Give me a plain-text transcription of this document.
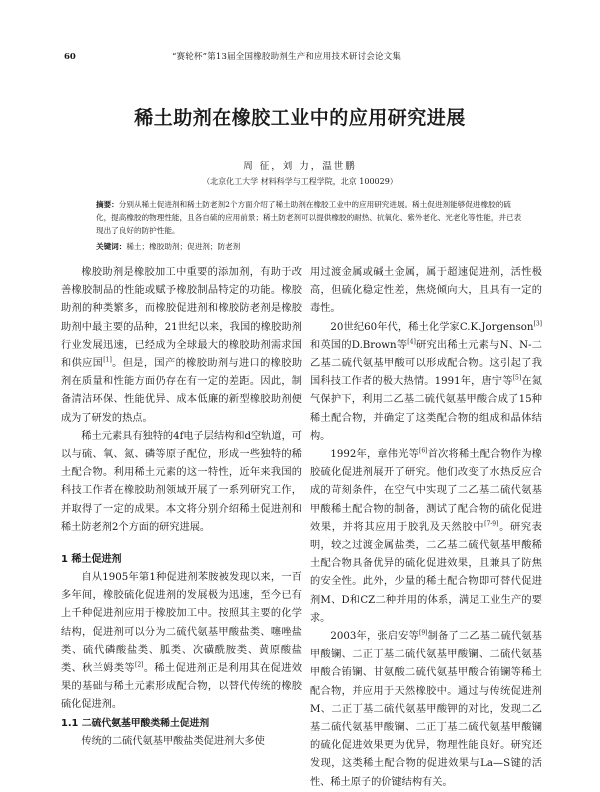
60	“赛轮杯”第13届全国橡胶助剂生产和应用技术研讨会论文集
稀土助剂在橡胶工业中的应用研究进展
周 征，刘 力，温世鹏
（北京化工大学 材料科学与工程学院，北京 100029）
摘要：分别从稀土促进剂和稀土防老剂2个方面介绍了稀土助剂在橡胶工业中的应用研究进展。稀土促进剂能够促进橡胶的硫化，提高橡胶的物理性能，且各自硫的应用前景；稀土防老剂可以提供橡胶的耐热、抗氧化、紫外老化、光老化等性能，并已表现出了良好的防护性能。
关键词：稀土；橡胶助剂；促进剂；防老剂

橡胶助剂是橡胶加工中重要的添加剂，有助于改善橡胶制品的性能或赋予橡胶制品特定的功能。橡胶助剂的种类繁多，而橡胶促进剂和橡胶防老剂是橡胶助剂中最主要的品种，21世纪以来，我国的橡胶助剂行业发展迅速，已经成为全球最大的橡胶助剂需求国和供应国[1]。但是，国产的橡胶助剂与进口的橡胶助剂在质量和性能方面仍存在有一定的差距。因此，制备清洁环保、性能优异、成本低廉的新型橡胶助剂便成为了研发的热点。

稀土元素具有独特的4f电子层结构和d空轨道，可以与硫、氧、氮、磷等原子配位，形成一些独特的稀土配合物。利用稀土元素的这一特性，近年来我国的科技工作者在橡胶助剂领域开展了一系列研究工作，并取得了一定的成果。本文将分别介绍稀土促进剂和稀土防老剂2个方面的研究进展。

1 稀土促进剂

自从1905年第1种促进剂苯胺被发现以来，一百多年间，橡胶硫化促进剂的发展极为迅速，至今已有上千种促进剂应用于橡胶加工中。按照其主要的化学结构，促进剂可以分为二硫代氨基甲酸盐类、噻唑盐类、硫代磷酸盐类、胍类、次磺酰胺类、黄原酸盐类、秋兰姆类等[2]。稀土促进剂正是利用其在促进效果的基础与稀土元素形成配合物，以替代传统的橡胶硫化促进剂。

1.1 二硫代氨基甲酸类稀土促进剂

传统的二硫代氨基甲酸盐类促进剂大多使

用过渡金属或碱土金属，属于超速促进剂，活性极高，但硫化稳定性差，焦烧倾向大，且具有一定的毒性。

20世纪60年代，稀土化学家C.K.Jorgenson[3]和英国的D.Brown等[4]研究出稀土元素与N、N-二乙基二硫代氨基甲酸可以形成配合物。这引起了我国科技工作者的极大热情。1991年，唐宁等[5]在氮气保护下，利用二乙基二硫代氨基甲酸合成了15种稀土配合物，并确定了这类配合物的组成和晶体结构。

1992年，章伟光等[6]首次将稀土配合物作为橡胶硫化促进剂展开了研究。他们改变了水热反应合成的苛刻条件，在空气中实现了二乙基二硫代氨基甲酸稀土配合物的制备，测试了配合物的硫化促进效果，并将其应用于胶乳及天然胶中[7-9]。研究表明，较之过渡金属盐类，二乙基二硫代氨基甲酸稀土配合物具备优异的硫化促进效果，且兼具了防焦的安全性。此外，少量的稀土配合物即可替代促进剂M、D和CZ二种并用的体系，满足工业生产的要求。

2003年，张启安等[9]制备了二乙基二硫代氨基甲酸镧、二正丁基二硫代氨基甲酸镧、二硫代氨基甲酸合铕镧、甘氨酸二硫代氨基甲酸合铕镧等稀土配合物，并应用于天然橡胶中。通过与传统促进剂M、二正丁基二硫代氨基甲酸钾的对比，发现二乙基二硫代氨基甲酸镧、二正丁基二硫代氨基甲酸镧的硫化促进效果更为优异，物理性能良好。研究还发现，这类稀土配合物的促进效果与La—S键的活性、稀土原子的价键结构有关。
